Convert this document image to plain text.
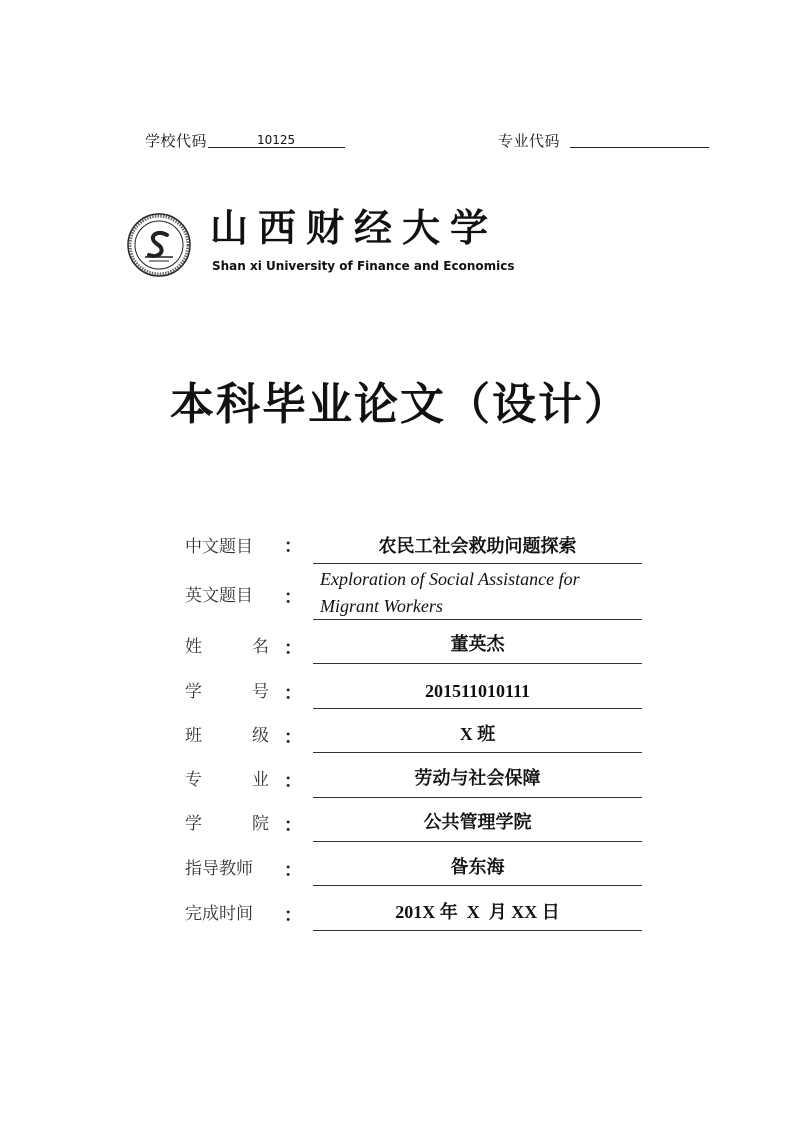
学校代码	10125	专业代码
山西财经大学
Shan xi University of Finance and Economics
本科毕业论文（设计）
中文题目	：	农民工社会救助问题探索
英文题目	：
Exploration of Social Assistance for
Migrant Workers
姓	名 ：	董英杰
学	号 ：	201511010111
班	级 ：	X 班
专	业 ：	劳动与社会保障
学	院 ：	公共管理学院
指导教师	：	昝东海
完成时间	：	201X 年  X  月 XX 日
